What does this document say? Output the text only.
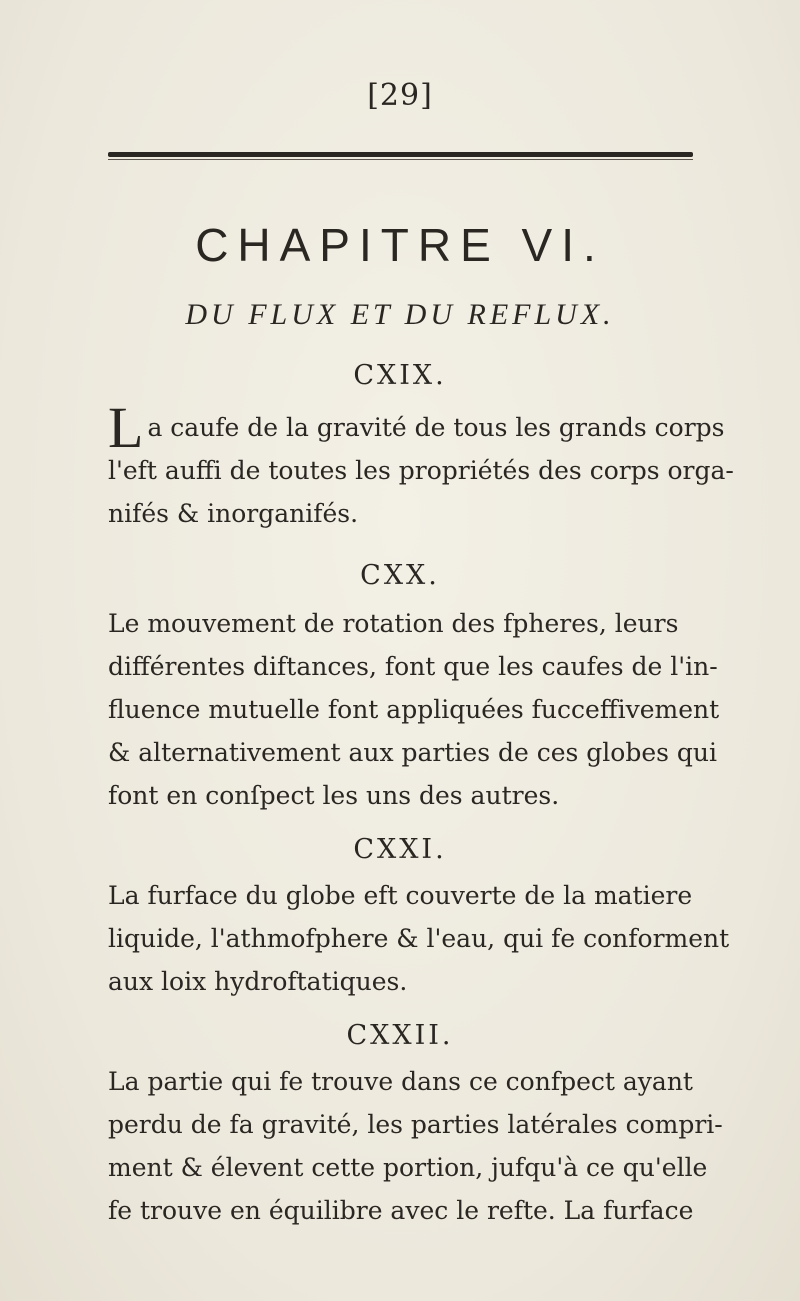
[29]
CHAPITRE VI.
DU FLUX ET DU REFLUX.
CXIX.
La caufe de la gravité de tous les grands corps
l'eft auffi de toutes les propriétés des corps orga-
nifés & inorganifés.
CXX.
Le mouvement de rotation des fpheres, leurs
différentes diftances, font que les caufes de l'in-
fluence mutuelle font appliquées fucceffivement
& alternativement aux parties de ces globes qui
font en conſpect les uns des autres.
CXXI.
La furface du globe eft couverte de la matiere
liquide, l'athmofphere & l'eau, qui fe conforment
aux loix hydroftatiques.
CXXII.
La partie qui fe trouve dans ce confpect ayant
perdu de fa gravité, les parties latérales compri-
ment & élevent cette portion, jufqu'à ce qu'elle
fe trouve en équilibre avec le refte. La furface
